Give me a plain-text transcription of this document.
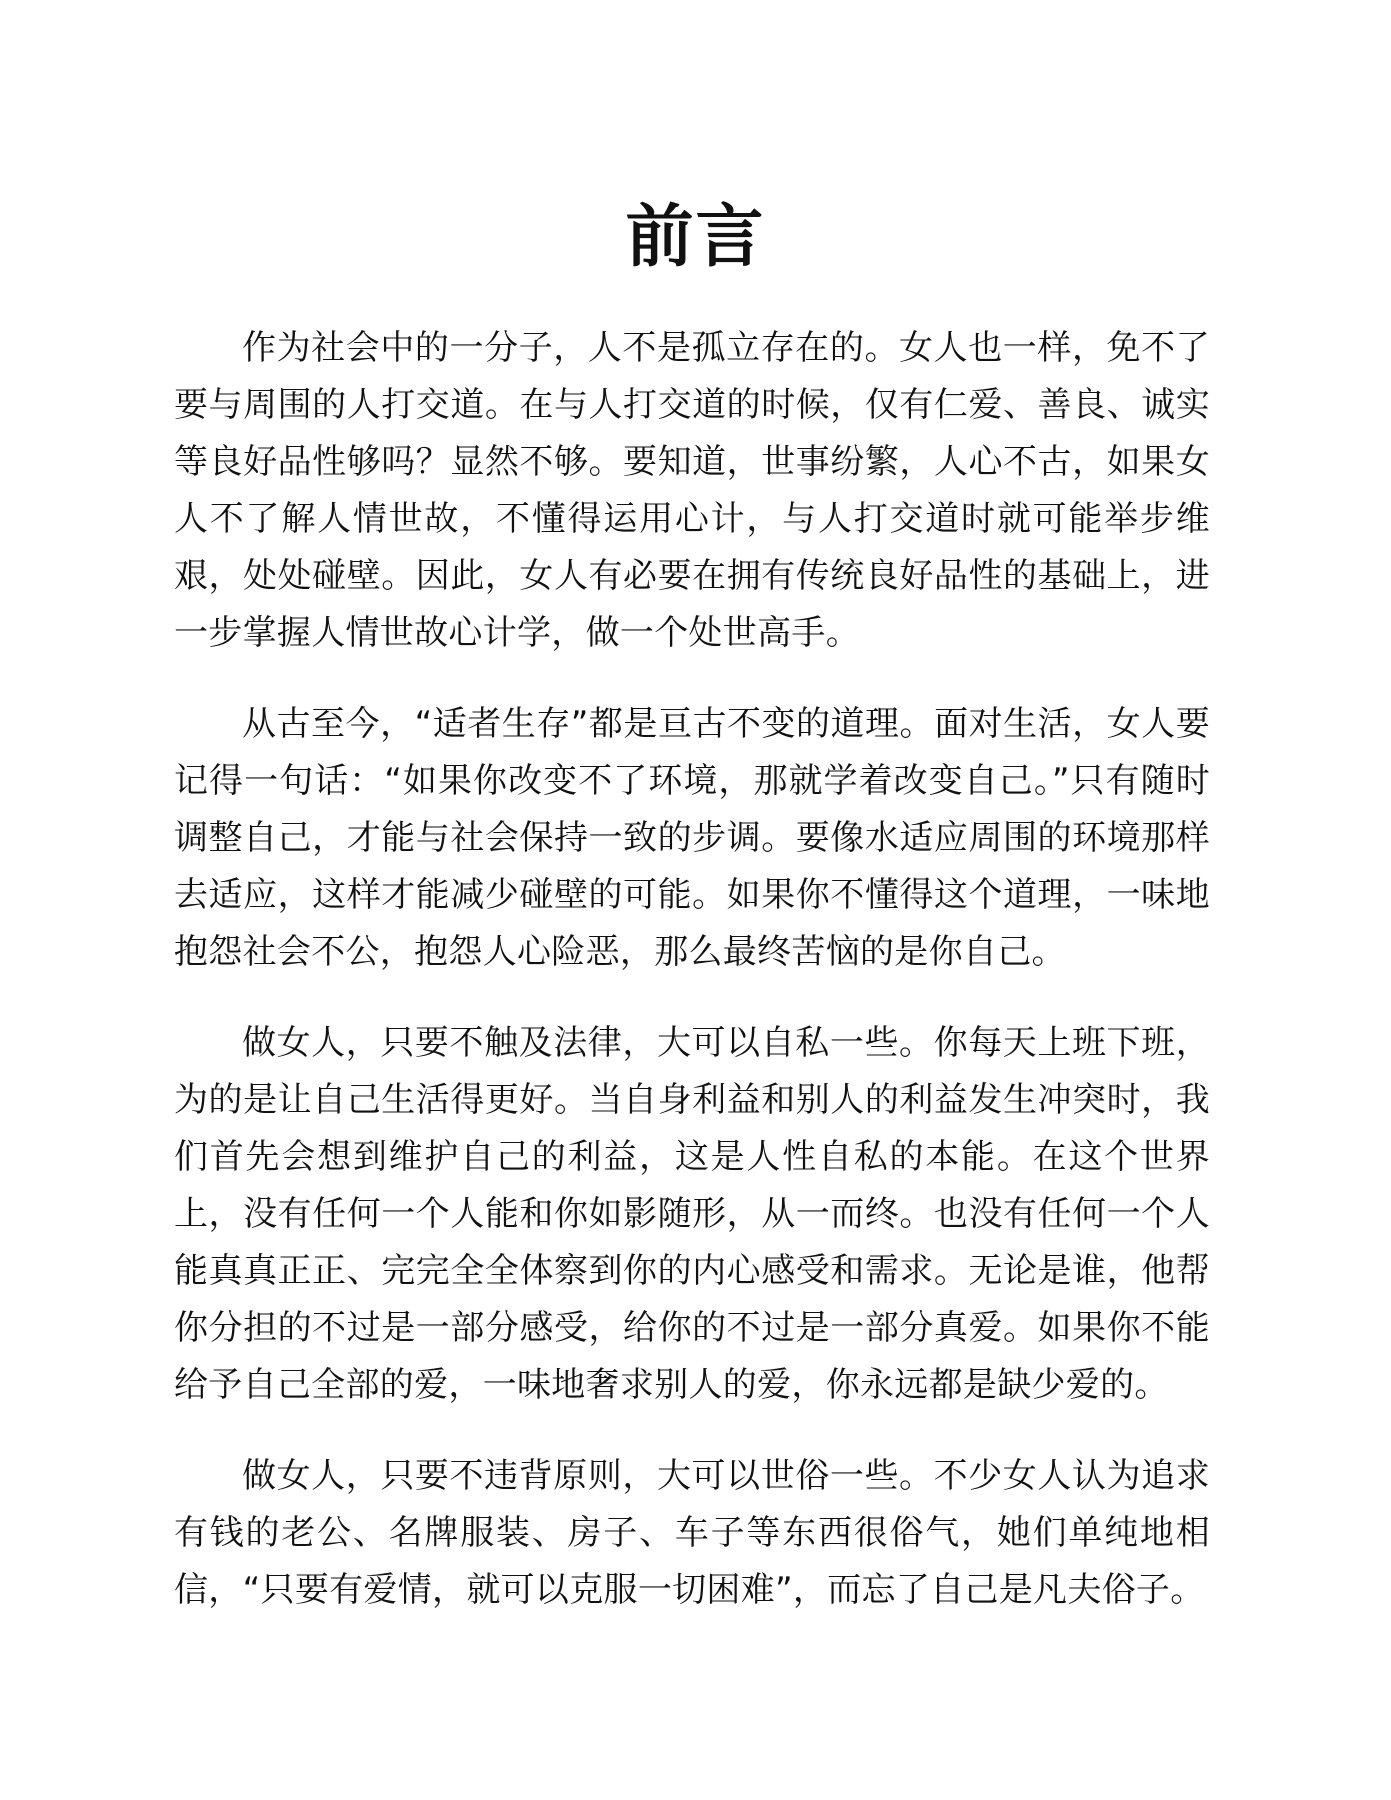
前言

作为社会中的一分子，人不是孤立存在的。女人也一样，免不了要与周围的人打交道。在与人打交道的时候，仅有仁爱、善良、诚实等良好品性够吗？显然不够。要知道，世事纷繁，人心不古，如果女人不了解人情世故，不懂得运用心计，与人打交道时就可能举步维艰，处处碰壁。因此，女人有必要在拥有传统良好品性的基础上，进一步掌握人情世故心计学，做一个处世高手。

从古至今，“适者生存”都是亘古不变的道理。面对生活，女人要记得一句话：“如果你改变不了环境，那就学着改变自己。”只有随时调整自己，才能与社会保持一致的步调。要像水适应周围的环境那样去适应，这样才能减少碰壁的可能。如果你不懂得这个道理，一味地抱怨社会不公，抱怨人心险恶，那么最终苦恼的是你自己。

做女人，只要不触及法律，大可以自私一些。你每天上班下班，为的是让自己生活得更好。当自身利益和别人的利益发生冲突时，我们首先会想到维护自己的利益，这是人性自私的本能。在这个世界上，没有任何一个人能和你如影随形，从一而终。也没有任何一个人能真真正正、完完全全体察到你的内心感受和需求。无论是谁，他帮你分担的不过是一部分感受，给你的不过是一部分真爱。如果你不能给予自己全部的爱，一味地奢求别人的爱，你永远都是缺少爱的。

做女人，只要不违背原则，大可以世俗一些。不少女人认为追求有钱的老公、名牌服装、房子、车子等东西很俗气，她们单纯地相信，“只要有爱情，就可以克服一切困难”，而忘了自己是凡夫俗子。
